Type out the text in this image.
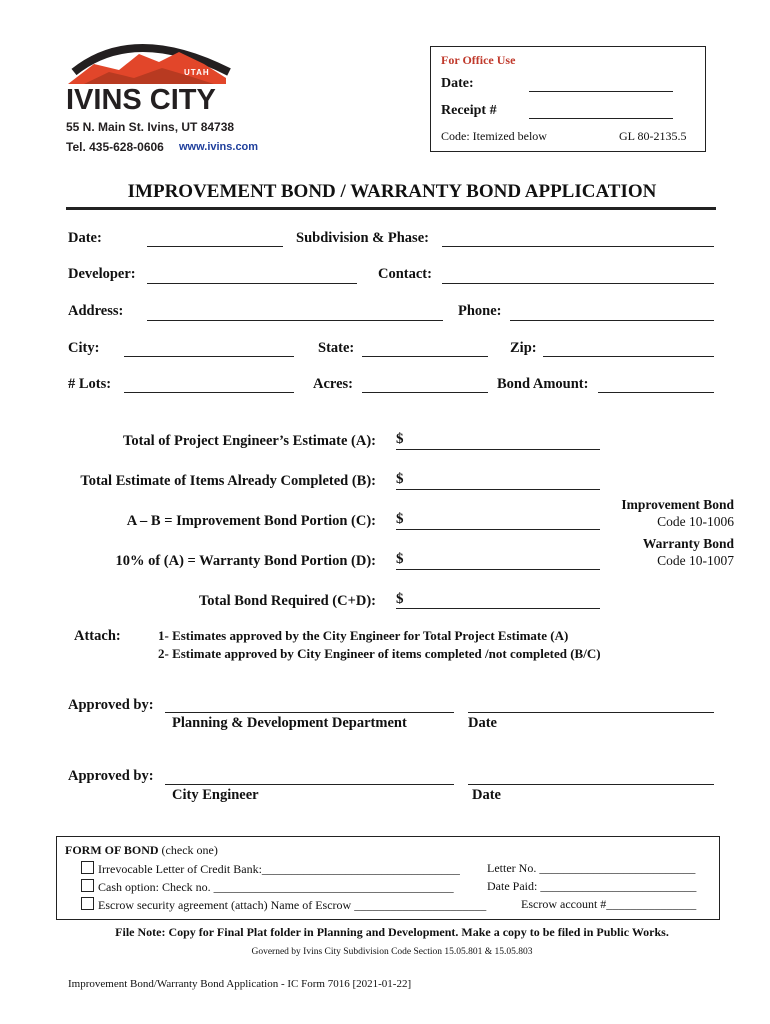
UTAH
IVINS CITY
55 N. Main St. Ivins, UT 84738
Tel. 435-628-0606 www.ivins.com
For Office Use
Date:
Receipt #
Code: Itemized below	GL 80-2135.5
IMPROVEMENT BOND / WARRANTY BOND APPLICATION
Date:	Subdivision & Phase:
Developer:	Contact:
Address:	Phone:
City:	State:	Zip:
# Lots:	Acres:	Bond Amount:
Total of Project Engineer’s Estimate (A): $
Total Estimate of Items Already Completed (B): $
A – B = Improvement Bond Portion (C): $
10% of (A) = Warranty Bond Portion (D): $
Total Bond Required (C+D): $
Improvement Bond
Code 10-1006
Warranty Bond
Code 10-1007
Attach:	1- Estimates approved by the City Engineer for Total Project Estimate (A)
2- Estimate approved by City Engineer of items completed /not completed (B/C)
Approved by:
Planning & Development Department	Date
Approved by:
City Engineer	Date
FORM OF BOND (check one)
Irrevocable Letter of Credit Bank:_________________________________ Letter No. __________________________
Cash option: Check no. ________________________________________	Date Paid: __________________________
Escrow security agreement (attach) Name of Escrow ______________________	Escrow account #_______________
File Note: Copy for Final Plat folder in Planning and Development. Make a copy to be filed in Public Works.
Governed by Ivins City Subdivision Code Section 15.05.801 & 15.05.803
Improvement Bond/Warranty Bond Application - IC Form 7016 [2021-01-22]
